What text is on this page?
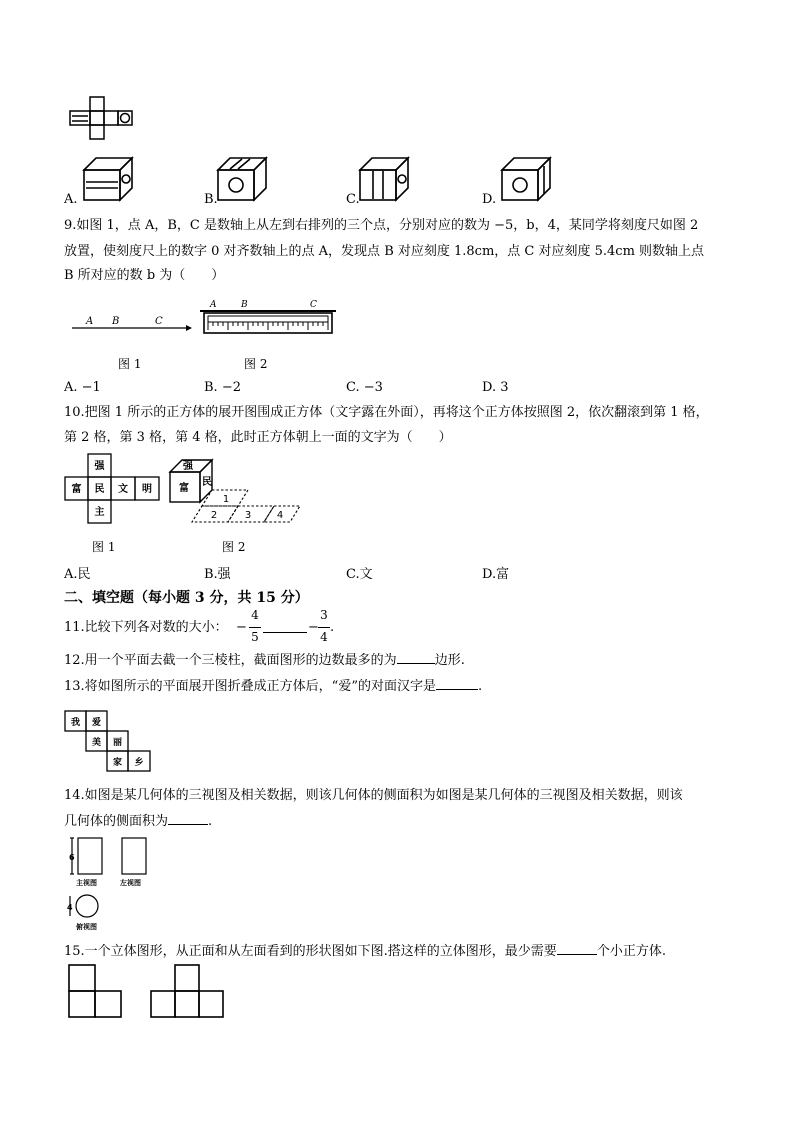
A.	B.	C.	D.
9.如图 1，点 A，B，C 是数轴上从左到右排列的三个点，分别对应的数为 −5，b，4，某同学将刻度尺如图 2
放置，使刻度尺上的数字 0 对齐数轴上的点 A，发现点 B 对应刻度 1.8cm，点 C 对应刻度 5.4cm 则数轴上点
B 所对应的数 b 为（　　）
A B	C
A	B	C
图 1	图 2
A. −1	B. −2	C. −3	D. 3
10.把图 1 所示的正方体的展开图围成正方体（文字露在外面），再将这个正方体按照图 2，依次翻滚到第 1 格，
第 2 格，第 3 格，第 4 格，此时正方体朝上一面的文字为（　　）
强
富 民 文 明
主
强
富
民
1
2	3	4
图 1	图 2
A.民	B.强	C.文	D.富
二、填空题（每小题 3 分，共 15 分）
11.比较下列各对数的大小： −
4
5
−
3
4
.
12.用一个平面去截一个三棱柱，截面图形的边数最多的为	边形.
13.将如图所示的平面展开图折叠成正方体后，“爱”的对面汉字是	.
我 爱
美 丽
家 乡
14.如图是某几何体的三视图及相关数据，则该几何体的侧面积为如图是某几何体的三视图及相关数据，则该
几何体的侧面积为	.
6
4
主视图	左视图
俯视图
15.一个立体图形，从正面和从左面看到的形状图如下图.搭这样的立体图形，最少需要	个小正方体.
